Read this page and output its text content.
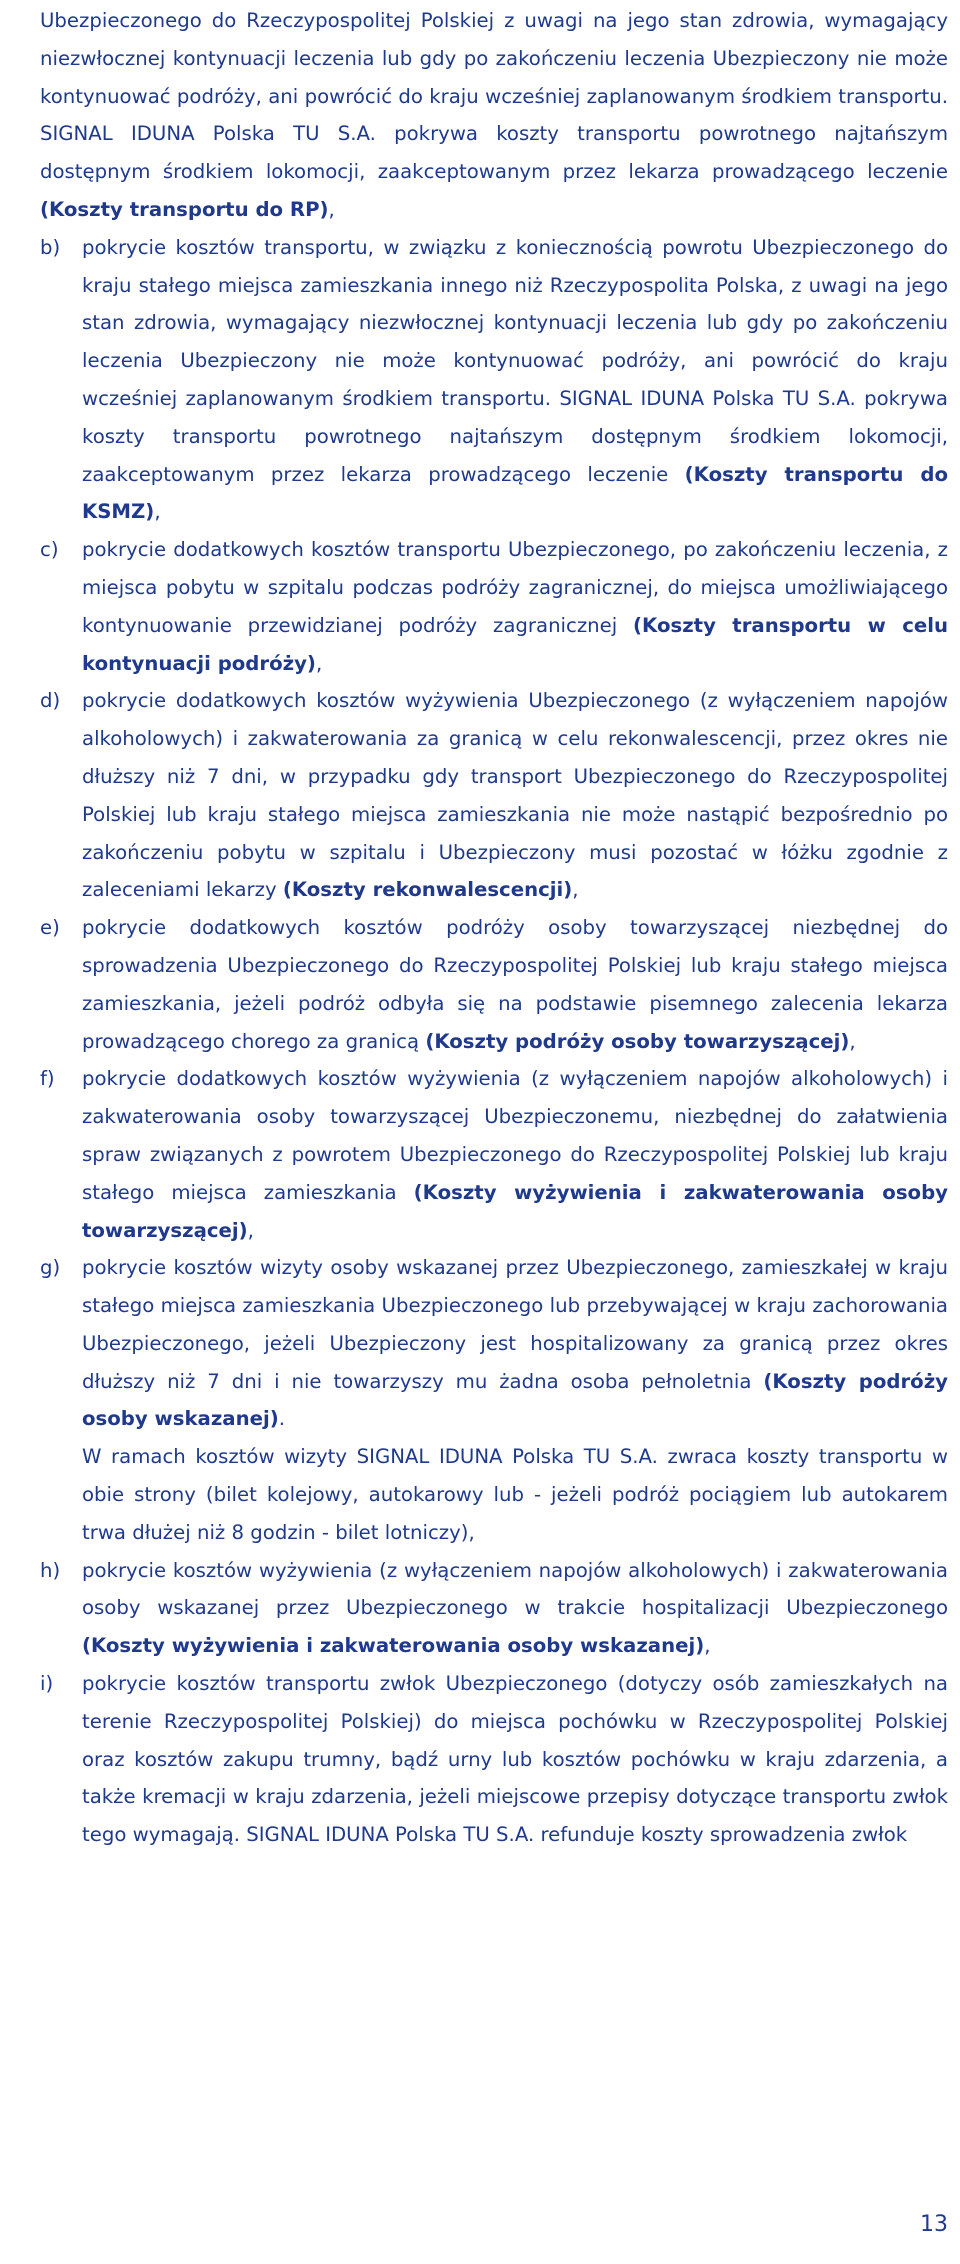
Ubezpieczonego do Rzeczypospolitej Polskiej z uwagi na jego stan zdrowia, wymagający niezwłocznej kontynuacji leczenia lub gdy po zakończeniu leczenia Ubezpieczony nie może kontynuować podróży, ani powrócić do kraju wcześniej zaplanowanym środkiem transportu. SIGNAL IDUNA Polska TU S.A. pokrywa koszty transportu powrotnego najtańszym dostępnym środkiem lokomocji, zaakceptowanym przez lekarza prowadzącego leczenie (Koszty transportu do RP),

b) pokrycie kosztów transportu, w związku z koniecznością powrotu Ubezpieczonego do kraju stałego miejsca zamieszkania innego niż Rzeczypospolita Polska, z uwagi na jego stan zdrowia, wymagający niezwłocznej kontynuacji leczenia lub gdy po zakończeniu leczenia Ubezpieczony nie może kontynuować podróży, ani powrócić do kraju wcześniej zaplanowanym środkiem transportu. SIGNAL IDUNA Polska TU S.A. pokrywa koszty transportu powrotnego najtańszym dostępnym środkiem lokomocji, zaakceptowanym przez lekarza prowadzącego leczenie (Koszty transportu do KSMZ),

c) pokrycie dodatkowych kosztów transportu Ubezpieczonego, po zakończeniu leczenia, z miejsca pobytu w szpitalu podczas podróży zagranicznej, do miejsca umożliwiającego kontynuowanie przewidzianej podróży zagranicznej (Koszty transportu w celu kontynuacji podróży),

d) pokrycie dodatkowych kosztów wyżywienia Ubezpieczonego (z wyłączeniem napojów alkoholowych) i zakwaterowania za granicą w celu rekonwalescencji, przez okres nie dłuższy niż 7 dni, w przypadku gdy transport Ubezpieczonego do Rzeczypospolitej Polskiej lub kraju stałego miejsca zamieszkania nie może nastąpić bezpośrednio po zakończeniu pobytu w szpitalu i Ubezpieczony musi pozostać w łóżku zgodnie z zaleceniami lekarzy (Koszty rekonwalescencji),

e) pokrycie dodatkowych kosztów podróży osoby towarzyszącej niezbędnej do sprowadzenia Ubezpieczonego do Rzeczypospolitej Polskiej lub kraju stałego miejsca zamieszkania, jeżeli podróż odbyła się na podstawie pisemnego zalecenia lekarza prowadzącego chorego za granicą (Koszty podróży osoby towarzyszącej),

f) pokrycie dodatkowych kosztów wyżywienia (z wyłączeniem napojów alkoholowych) i zakwaterowania osoby towarzyszącej Ubezpieczonemu, niezbędnej do załatwienia spraw związanych z powrotem Ubezpieczonego do Rzeczypospolitej Polskiej lub kraju stałego miejsca zamieszkania (Koszty wyżywienia i zakwaterowania osoby towarzyszącej),

g) pokrycie kosztów wizyty osoby wskazanej przez Ubezpieczonego, zamieszkałej w kraju stałego miejsca zamieszkania Ubezpieczonego lub przebywającej w kraju zachorowania Ubezpieczonego, jeżeli Ubezpieczony jest hospitalizowany za granicą przez okres dłuższy niż 7 dni i nie towarzyszy mu żadna osoba pełnoletnia (Koszty podróży osoby wskazanej).

W ramach kosztów wizyty SIGNAL IDUNA Polska TU S.A. zwraca koszty transportu w obie strony (bilet kolejowy, autokarowy lub - jeżeli podróż pociągiem lub autokarem trwa dłużej niż 8 godzin - bilet lotniczy),

h) pokrycie kosztów wyżywienia (z wyłączeniem napojów alkoholowych) i zakwaterowania osoby wskazanej przez Ubezpieczonego w trakcie hospitalizacji Ubezpieczonego (Koszty wyżywienia i zakwaterowania osoby wskazanej),

i) pokrycie kosztów transportu zwłok Ubezpieczonego (dotyczy osób zamieszkałych na terenie Rzeczypospolitej Polskiej) do miejsca pochówku w Rzeczypospolitej Polskiej oraz kosztów zakupu trumny, bądź urny lub kosztów pochówku w kraju zdarzenia, a także kremacji w kraju zdarzenia, jeżeli miejscowe przepisy dotyczące transportu zwłok tego wymagają. SIGNAL IDUNA Polska TU S.A. refunduje koszty sprowadzenia zwłok

13
